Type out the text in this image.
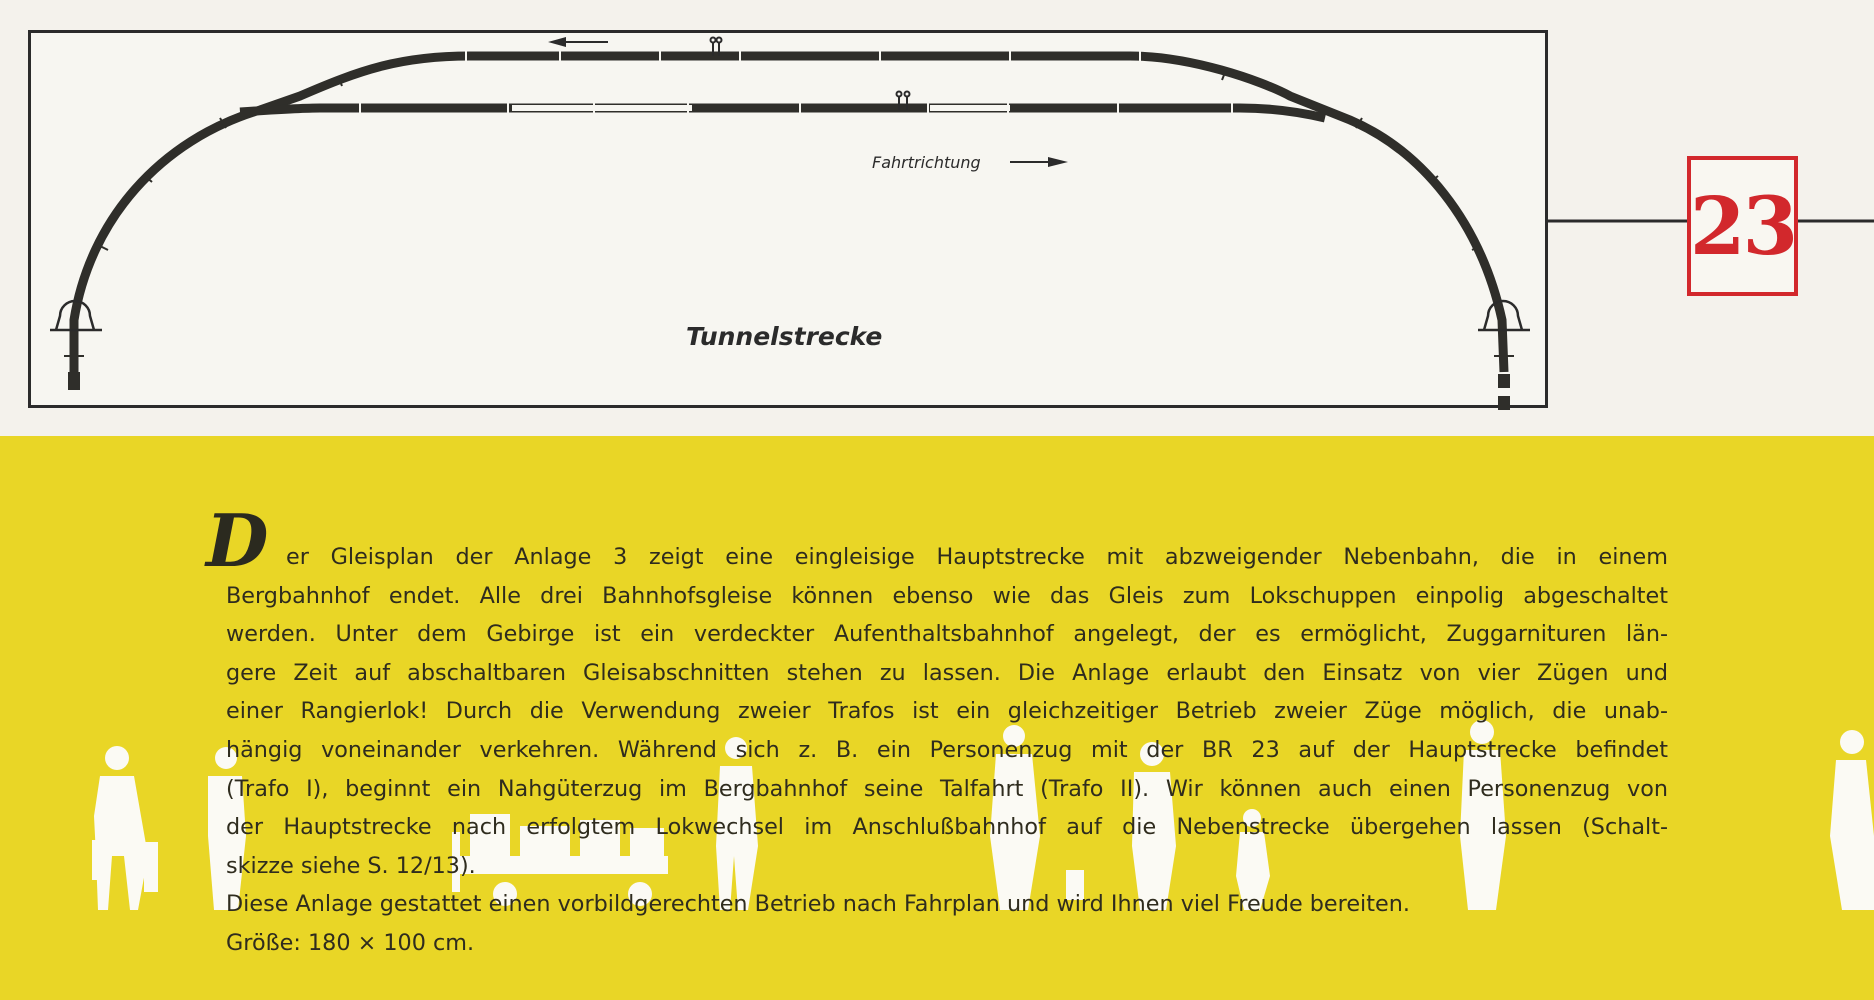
Fahrtrichtung
Tunnelstrecke
23
D	er Gleisplan der Anlage 3 zeigt eine eingleisige Hauptstrecke mit abzweigender Nebenbahn, die in einem
Bergbahnhof endet. Alle drei Bahnhofsgleise können ebenso wie das Gleis zum Lokschuppen einpolig abgeschaltet
werden. Unter dem Gebirge ist ein verdeckter Aufenthaltsbahnhof angelegt, der es ermöglicht, Zuggarnituren län-
gere Zeit auf abschaltbaren Gleisabschnitten stehen zu lassen. Die Anlage erlaubt den Einsatz von vier Zügen und
einer Rangierlok! Durch die Verwendung zweier Trafos ist ein gleichzeitiger Betrieb zweier Züge möglich, die unab-
hängig voneinander verkehren. Während sich z. B. ein Personenzug mit der BR 23 auf der Hauptstrecke befindet
(Trafo I), beginnt ein Nahgüterzug im Bergbahnhof seine Talfahrt (Trafo II). Wir können auch einen Personenzug von
der Hauptstrecke nach erfolgtem Lokwechsel im Anschlußbahnhof auf die Nebenstrecke übergehen lassen (Schalt-
skizze siehe S. 12/13).
Diese Anlage gestattet einen vorbildgerechten Betrieb nach Fahrplan und wird Ihnen viel Freude bereiten.
Größe: 180 × 100 cm.
